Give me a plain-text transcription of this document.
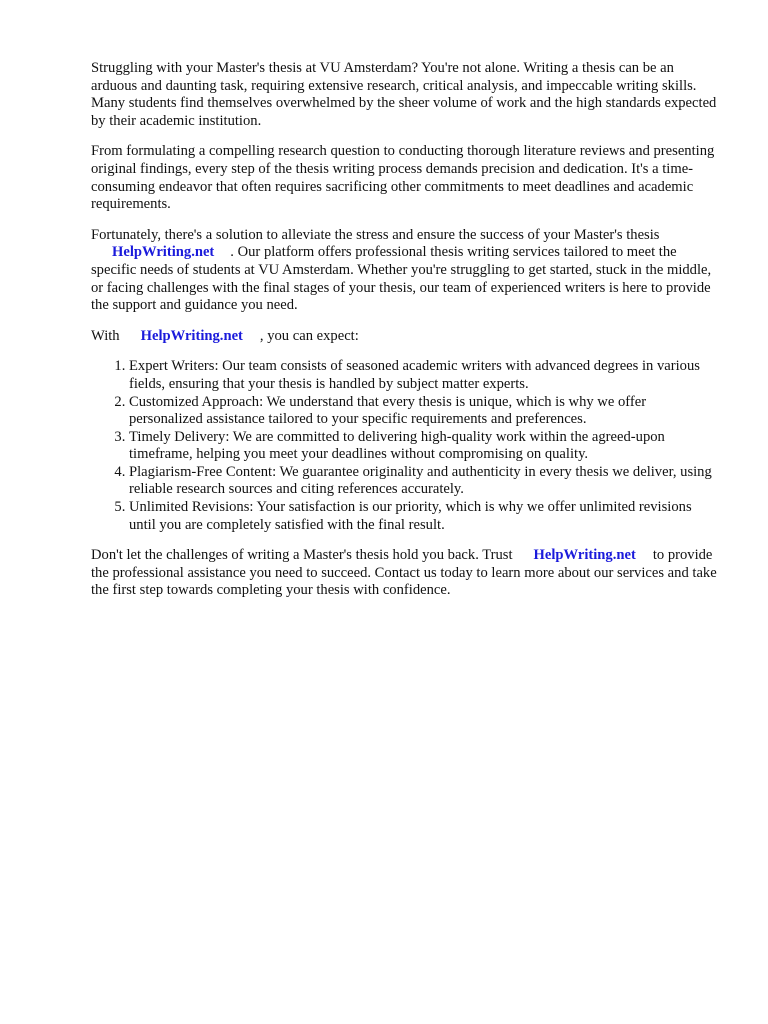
Struggling with your Master's thesis at VU Amsterdam? You're not alone. Writing a thesis can be an arduous and daunting task, requiring extensive research, critical analysis, and impeccable writing skills. Many students find themselves overwhelmed by the sheer volume of work and the high standards expected by their academic institution.

From formulating a compelling research question to conducting thorough literature reviews and presenting original findings, every step of the thesis writing process demands precision and dedication. It's a time-consuming endeavor that often requires sacrificing other commitments to meet deadlines and academic requirements.

Fortunately, there's a solution to alleviate the stress and ensure the success of your Master's thesis
HelpWriting.net . Our platform offers professional thesis writing services tailored to meet the specific needs of students at VU Amsterdam. Whether you're struggling to get started, stuck in the middle, or facing challenges with the final stages of your thesis, our team of experienced writers is here to provide the support and guidance you need.

With HelpWriting.net , you can expect:

1. Expert Writers: Our team consists of seasoned academic writers with advanced degrees in various fields, ensuring that your thesis is handled by subject matter experts.
2. Customized Approach: We understand that every thesis is unique, which is why we offer personalized assistance tailored to your specific requirements and preferences.
3. Timely Delivery: We are committed to delivering high-quality work within the agreed-upon timeframe, helping you meet your deadlines without compromising on quality.
4. Plagiarism-Free Content: We guarantee originality and authenticity in every thesis we deliver, using reliable research sources and citing references accurately.
5. Unlimited Revisions: Your satisfaction is our priority, which is why we offer unlimited revisions until you are completely satisfied with the final result.

Don't let the challenges of writing a Master's thesis hold you back. Trust HelpWriting.net to provide the professional assistance you need to succeed. Contact us today to learn more about our services and take the first step towards completing your thesis with confidence.
